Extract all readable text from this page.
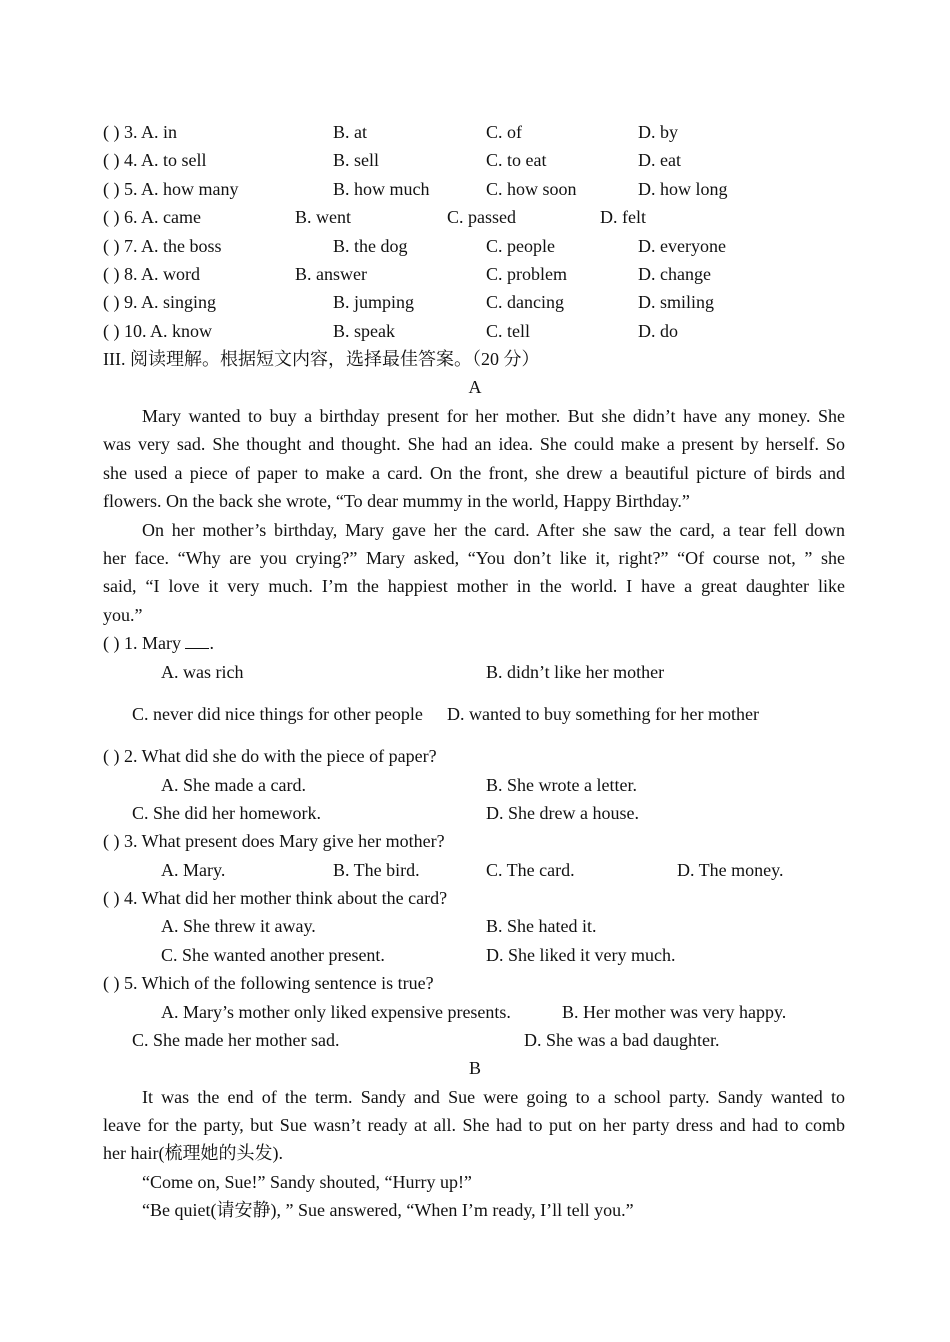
( ) 3. A. in	B. at	C. of	D. by
( ) 4. A. to sell	B. sell	C. to eat	D. eat
( ) 5. A. how many	B. how much	C. how soon	D. how long
( ) 6. A. came	B. went	C. passed	D. felt
( ) 7. A. the boss	B. the dog	C. people	D. everyone
( ) 8. A. word	B. answer	C. problem	D. change
( ) 9. A. singing	B. jumping	C. dancing	D. smiling
( ) 10. A. know	B. speak	C. tell	D. do
III. 阅读理解。根据短文内容，选择最佳答案。（20 分）
A
Mary wanted to buy a birthday present for her mother. But she didn’t have any money. She
was very sad. She thought and thought. She had an idea. She could make a present by herself. So
she used a piece of paper to make a card. On the front, she drew a beautiful picture of birds and
flowers. On the back she wrote, “To dear mummy in the world, Happy Birthday.”
On her mother’s birthday, Mary gave her the card. After she saw the card, a tear fell down
her face. “Why are you crying?” Mary asked, “You don’t like it, right?” “Of course not, ” she
said, “I love it very much. I’m the happiest mother in the world. I have a great daughter like
you.”
( ) 1. Mary .
A. was rich	B. didn’t like her mother
C. never did nice things for other people D. wanted to buy something for her mother
( ) 2. What did she do with the piece of paper?
A. She made a card.	B. She wrote a letter.
C. She did her homework.	D. She drew a house.
( ) 3. What present does Mary give her mother?
A. Mary.	B. The bird.	C. The card.	D. The money.
( ) 4. What did her mother think about the card?
A. She threw it away.	B. She hated it.
C. She wanted another present.	D. She liked it very much.
( ) 5. Which of the following sentence is true?
A. Mary’s mother only liked expensive presents.	B. Her mother was very happy.
C. She made her mother sad.	D. She was a bad daughter.
B
It was the end of the term. Sandy and Sue were going to a school party. Sandy wanted to
leave for the party, but Sue wasn’t ready at all. She had to put on her party dress and had to comb
her hair(梳理她的头发).
“Come on, Sue!” Sandy shouted, “Hurry up!”
“Be quiet(请安静), ” Sue answered, “When I’m ready, I’ll tell you.”
